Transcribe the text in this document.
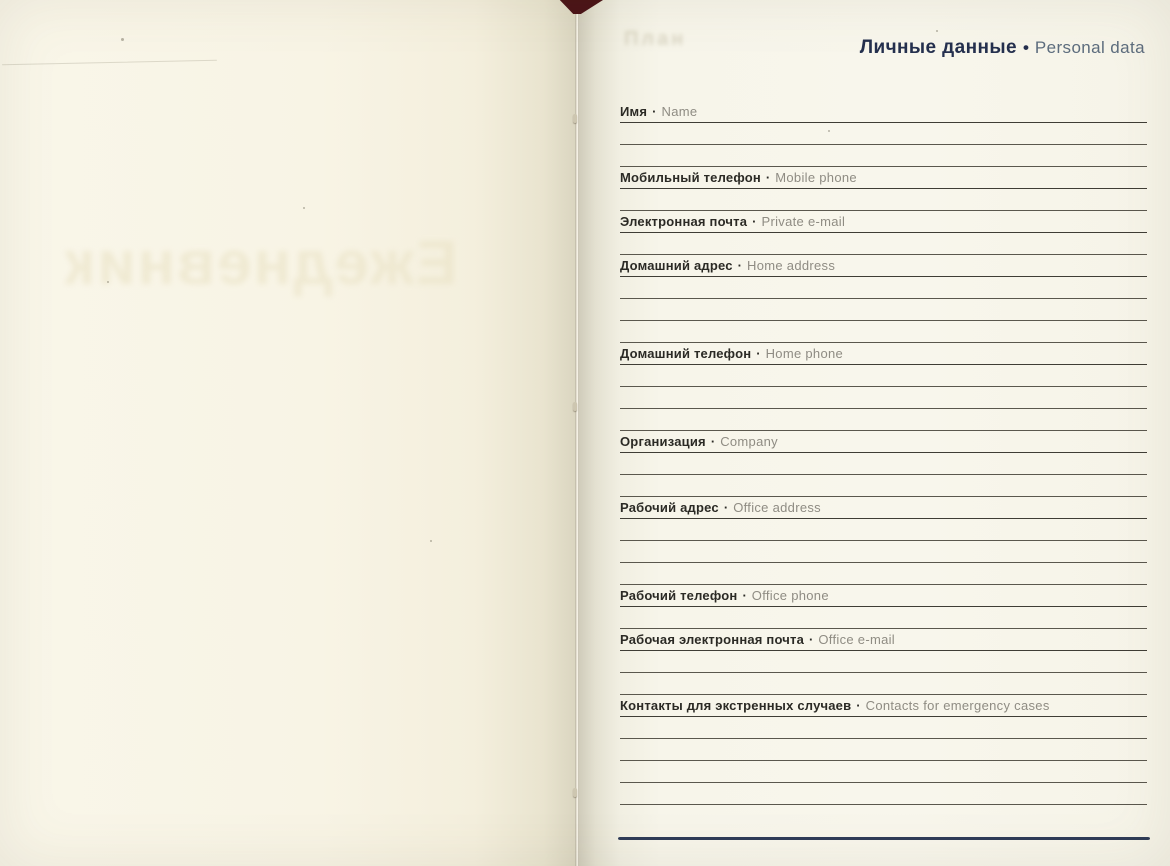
Ежедневник
План	Личные данные • Personal data
Имя · Name
Мобильный телефон · Mobile phone
Электронная почта · Private e-mail
Домашний адрес · Home address
Домашний телефон · Home phone
Организация · Company
Рабочий адрес · Office address
Рабочий телефон · Office phone
Рабочая электронная почта · Office e-mail
Контакты для экстренных случаев · Contacts for emergency cases
